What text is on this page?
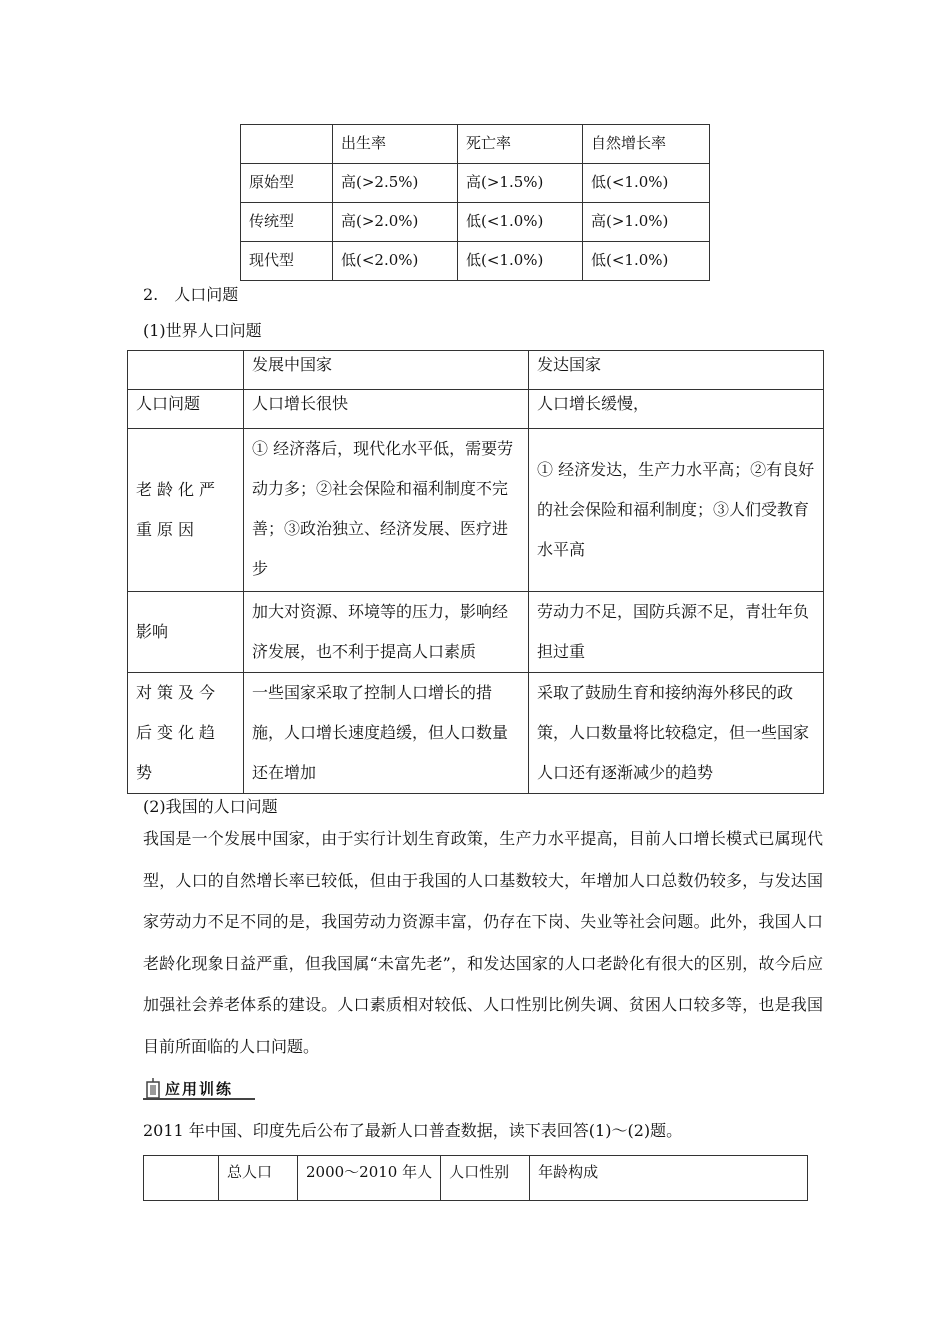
	出生率	死亡率	自然增长率
原始型	高(>2.5%)	高(>1.5%)	低(<1.0%)
传统型	高(>2.0%)	低(<1.0%)	高(>1.0%)
现代型	低(<2.0%)	低(<1.0%)	低(<1.0%)
2.　人口问题
(1)世界人口问题
	发展中国家	发达国家
人口问题	人口增长很快	人口增长缓慢，
老龄化严重原因	① 经济落后，现代化水平低，需要劳动力多；②社会保险和福利制度不完善；③政治独立、经济发展、医疗进步	① 经济发达，生产力水平高；②有良好的社会保险和福利制度；③人们受教育水平高
影响	加大对资源、环境等的压力，影响经济发展，也不利于提高人口素质	劳动力不足，国防兵源不足，青壮年负担过重
对策及今后变化趋势	一些国家采取了控制人口增长的措施，人口增长速度趋缓，但人口数量还在增加	采取了鼓励生育和接纳海外移民的政策，人口数量将比较稳定，但一些国家人口还有逐渐减少的趋势
(2)我国的人口问题
我国是一个发展中国家，由于实行计划生育政策，生产力水平提高，目前人口增长模式已属现代型，人口的自然增长率已较低，但由于我国的人口基数较大，年增加人口总数仍较多，与发达国家劳动力不足不同的是，我国劳动力资源丰富，仍存在下岗、失业等社会问题。此外，我国人口老龄化现象日益严重，但我国属“未富先老”，和发达国家的人口老龄化有很大的区别，故今后应加强社会养老体系的建设。人口素质相对较低、人口性别比例失调、贫困人口较多等，也是我国目前所面临的人口问题。
应用训练
2011 年中国、印度先后公布了最新人口普查数据，读下表回答(1)～(2)题。
	总人口	2000～2010 年人	人口性别	年龄构成
